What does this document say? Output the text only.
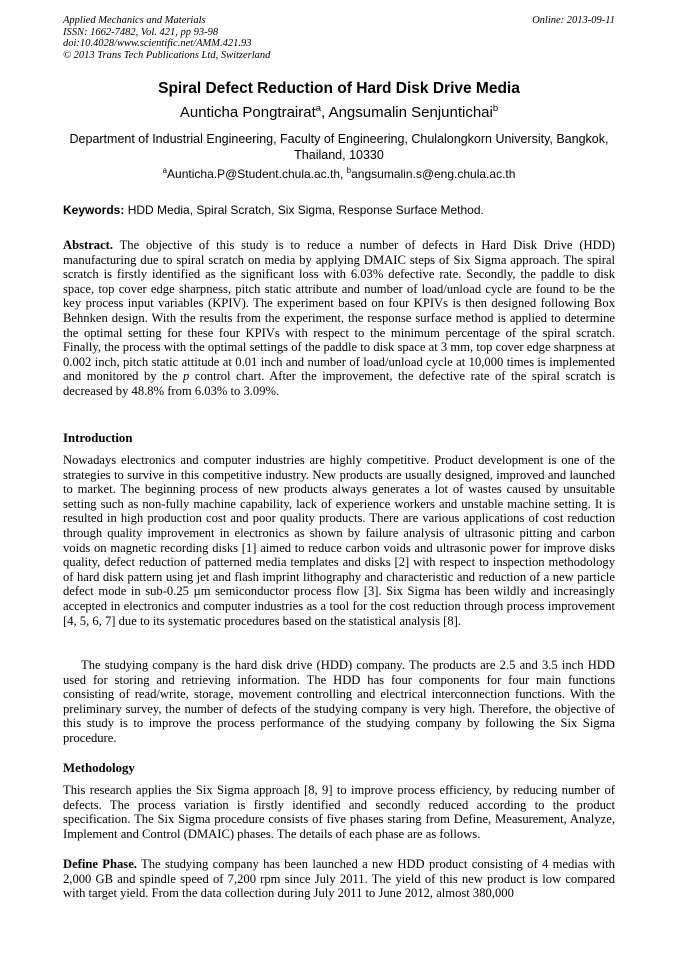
Applied Mechanics and Materials
ISSN: 1662-7482, Vol. 421, pp 93-98
doi:10.4028/www.scientific.net/AMM.421.93
© 2013 Trans Tech Publications Ltd, Switzerland
Online: 2013-09-11
Spiral Defect Reduction of Hard Disk Drive Media
Aunticha Pongtrairat$^a$, Angsumalin Senjuntichai$^b$
Department of Industrial Engineering, Faculty of Engineering, Chulalongkorn University, Bangkok, Thailand, 10330
$^a$Aunticha.P@Student.chula.ac.th, $^b$angsumalin.s@eng.chula.ac.th
Keywords: HDD Media, Spiral Scratch, Six Sigma, Response Surface Method.

Abstract. The objective of this study is to reduce a number of defects in Hard Disk Drive (HDD) manufacturing due to spiral scratch on media by applying DMAIC steps of Six Sigma approach. The spiral scratch is firstly identified as the significant loss with 6.03% defective rate. Secondly, the paddle to disk space, top cover edge sharpness, pitch static attribute and number of load/unload cycle are found to be the key process input variables (KPIV). The experiment based on four KPIVs is then designed following Box Behnken design. With the results from the experiment, the response surface method is applied to determine the optimal setting for these four KPIVs with respect to the minimum percentage of the spiral scratch. Finally, the process with the optimal settings of the paddle to disk space at 3 mm, top cover edge sharpness at 0.002 inch, pitch static attitude at 0.01 inch and number of load/unload cycle at 10,000 times is implemented and monitored by the p control chart. After the improvement, the defective rate of the spiral scratch is decreased by 48.8% from 6.03% to 3.09%.

Introduction

Nowadays electronics and computer industries are highly competitive. Product development is one of the strategies to survive in this competitive industry. New products are usually designed, improved and launched to market. The beginning process of new products always generates a lot of wastes caused by unsuitable setting such as non-fully machine capability, lack of experience workers and unstable machine setting. It is resulted in high production cost and poor quality products. There are various applications of cost reduction through quality improvement in electronics as shown by failure analysis of ultrasonic pitting and carbon voids on magnetic recording disks [1] aimed to reduce carbon voids and ultrasonic power for improve disks quality, defect reduction of patterned media templates and disks [2] with respect to inspection methodology of hard disk pattern using jet and flash imprint lithography and characteristic and reduction of a new particle defect mode in sub-0.25 µm semiconductor process flow [3]. Six Sigma has been wildly and increasingly accepted in electronics and computer industries as a tool for the cost reduction through process improvement [4, 5, 6, 7] due to its systematic procedures based on the statistical analysis [8].

The studying company is the hard disk drive (HDD) company. The products are 2.5 and 3.5 inch HDD used for storing and retrieving information. The HDD has four components for four main functions consisting of read/write, storage, movement controlling and electrical interconnection functions. With the preliminary survey, the number of defects of the studying company is very high. Therefore, the objective of this study is to improve the process performance of the studying company by following the Six Sigma procedure.

Methodology

This research applies the Six Sigma approach [8, 9] to improve process efficiency, by reducing number of defects. The process variation is firstly identified and secondly reduced according to the product specification. The Six Sigma procedure consists of five phases staring from Define, Measurement, Analyze, Implement and Control (DMAIC) phases. The details of each phase are as follows.

Define Phase. The studying company has been launched a new HDD product consisting of 4 medias with 2,000 GB and spindle speed of 7,200 rpm since July 2011. The yield of this new product is low compared with target yield. From the data collection during July 2011 to June 2012, almost 380,000
